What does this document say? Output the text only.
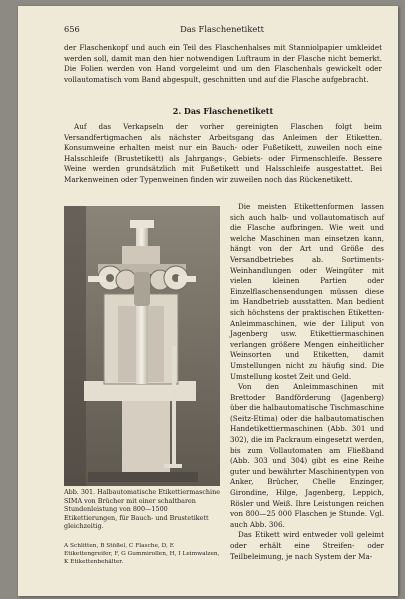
656	Das Flaschenetikett

der Flaschenkopf und auch ein Teil des Flaschenhalses mit Stanniolpapier umkleidet werden soll, damit man den hier notwendigen Luftraum in der Flasche nicht bemerkt. Die Folien werden von Hand vorgeleimt und um den Flaschenhals gewickelt oder vollautomatisch vom Band abgespult, geschnitten und auf die Flasche aufgebracht.

2. Das Flaschenetikett

Auf das Verkapseln der vorher gereinigten Flaschen folgt beim Versandfertigmachen als nächster Arbeitsgang das Anleimen der Etiketten. Konsumweine erhalten meist nur ein Bauch- oder Fußetikett, zuweilen noch eine Halsschleife (Brustetikett) als Jahrgangs-, Gebiets- oder Firmenschleife. Bessere Weine werden grundsätzlich mit Fußetikett und Halsschleife ausgestattet. Bei Markenweinen oder Typenweinen finden wir zuweilen noch das Rückenetikett.

Abb. 301. Halbautomatische Etikettiermaschine SIMA von Brücher mit einer schaltbaren Stundenleistung von 800—1500 Etikettierungen, für Bauch- und Brustetikett gleichzeitig.

A Schlitten, B Stößel, C Flasche, D, E Etikettengreifer, F, G Gummirollen, H, I Leimwalzen, K Etikettenbehälter.

Die meisten Etikettenformen lassen sich auch halb- und vollautomatisch auf die Flasche aufbringen. Wie weit und welche Maschinen man einsetzen kann, hängt von der Art und Größe des Versandbetriebes ab. Sortiments-Weinhandlungen oder Weingüter mit vielen kleinen Partien oder Einzelflaschensendungen müssen diese im Handbetrieb ausstatten. Man bedient sich höchstens der praktischen Etiketten-Anleimmaschinen, wie der Liliput von Jagenberg usw. Etikettiermaschinen verlangen größere Mengen einheitlicher Weinsorten und Etiketten, damit Umstellungen nicht zu häufig sind. Die Umstellung kostet Zeit und Geld.

Von den Anleimmaschinen mit Brettoder Bandförderung (Jagenberg) über die halbautomatische Tischmaschine (Seitz-Etima) oder die halbautomatischen Handetikettiermaschinen (Abb. 301 und 302), die im Packraum eingesetzt werden, bis zum Vollautomaten am Fließband (Abb. 303 und 304) gibt es eine Reihe guter und bewährter Maschinentypen von Anker, Brücher, Chelle Enzinger, Girondine, Hilge, Jagenberg, Leppich, Rösler und Weiß. Ihre Leistungen reichen von 800—25 000 Flaschen je Stunde. Vgl. auch Abb. 306.

Das Etikett wird entweder voll geleimt oder erhält eine Streifen- oder Teilbeleimung, je nach System der Ma-
